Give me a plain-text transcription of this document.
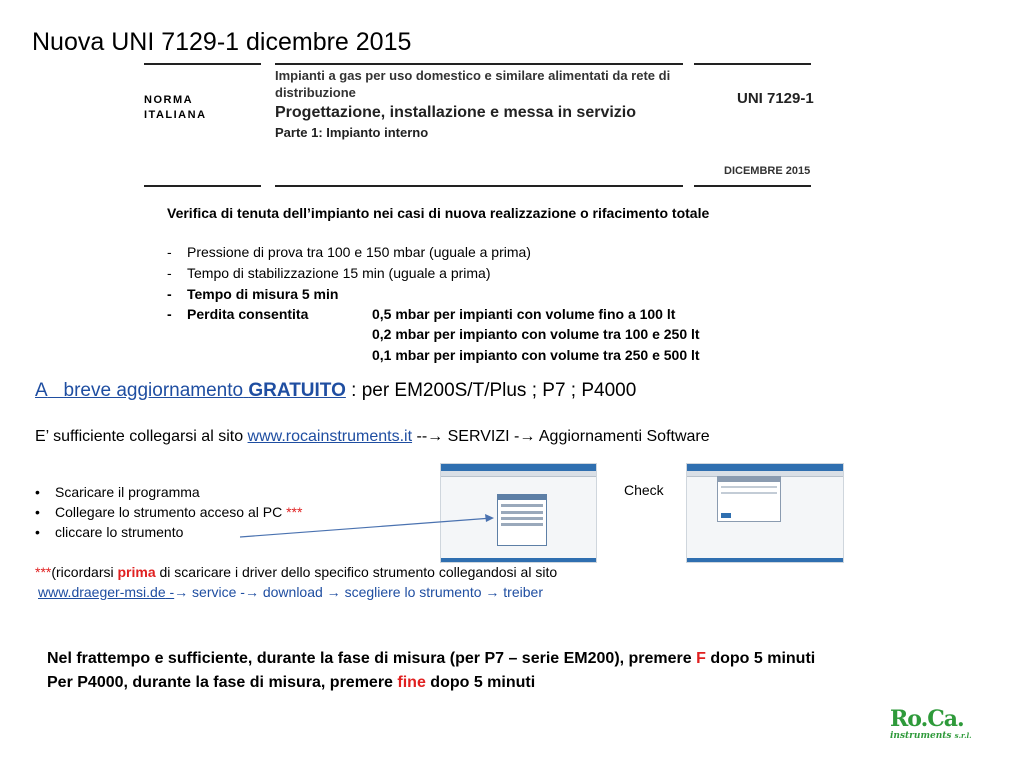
Nuova UNI 7129-1 dicembre 2015
NORMA
ITALIANA
Impianti a gas per uso domestico e similare alimentati da rete di distribuzione
Progettazione, installazione e messa in servizio
Parte 1: Impianto interno
UNI 7129-1
DICEMBRE 2015
Verifica di tenuta dell’impianto nei casi di nuova realizzazione o rifacimento totale
- Pressione di prova tra 100 e 150 mbar (uguale a prima)
- Tempo di stabilizzazione 15 min (uguale a prima)
- Tempo di misura 5 min
- Perdita consentita	0,5 mbar per impianti con volume fino a 100 lt
0,2 mbar per impianto con volume tra 100 e 250 lt
0,1 mbar per impianto con volume tra 250 e 500 lt
A breve aggiornamento GRATUITO : per EM200S/T/Plus ; P7 ; P4000
E’ sufficiente collegarsi al sito www.rocainstruments.it --→ SERVIZI -→ Aggiornamenti Software
• Scaricare il programma
• Collegare lo strumento acceso al PC ***
• cliccare lo strumento
Check
***(ricordarsi prima di scaricare i driver dello specifico strumento collegandosi al sito
www.draeger-msi.de -→ service -→ download → scegliere lo strumento → treiber
Nel frattempo e sufficiente, durante la fase di misura (per P7 – serie EM200), premere F dopo 5 minuti
Per P4000, durante la fase di misura, premere fine dopo 5 minuti
Ro.Ca.
instruments s.r.l.
